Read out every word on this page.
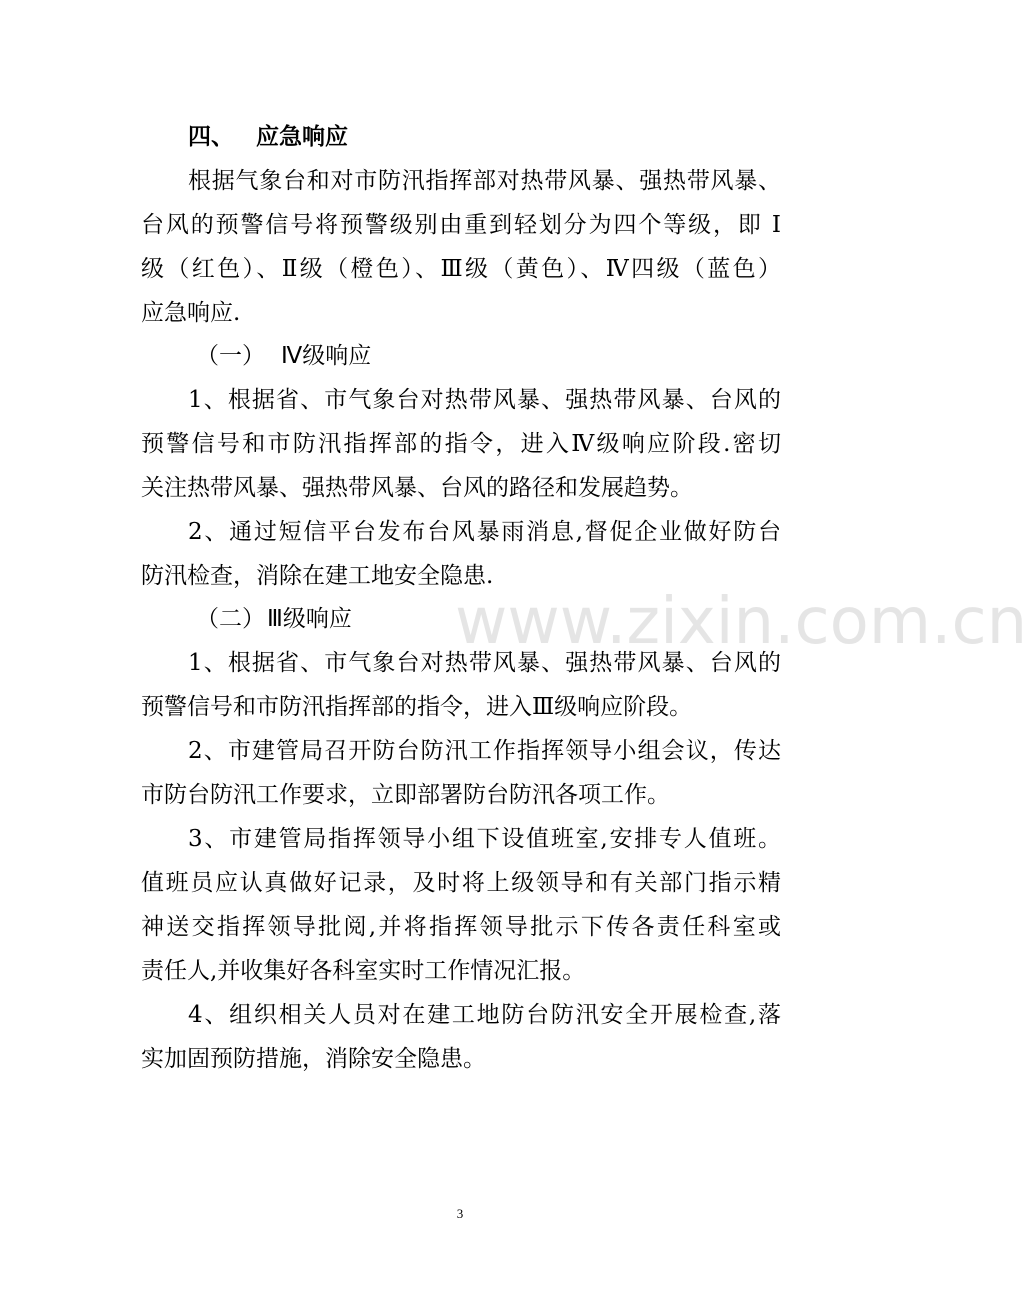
四、 应急响应
根据气象台和对市防汛指挥部对热带风暴、强热带风暴、
台风的预警信号将预警级别由重到轻划分为四个等级，即 Ⅰ
级（红色）、Ⅱ级（橙色）、Ⅲ级（黄色）、Ⅳ四级（蓝色）
应急响应.
（一） Ⅳ级响应
1、根据省、市气象台对热带风暴、强热带风暴、台风的
预警信号和市防汛指挥部的指令，进入Ⅳ级响应阶段.密切
关注热带风暴、强热带风暴、台风的路径和发展趋势。
2、通过短信平台发布台风暴雨消息,督促企业做好防台
防汛检查，消除在建工地安全隐患.
（二）Ⅲ级响应
1、根据省、市气象台对热带风暴、强热带风暴、台风的
预警信号和市防汛指挥部的指令，进入Ⅲ级响应阶段。
2、市建管局召开防台防汛工作指挥领导小组会议，传达
市防台防汛工作要求，立即部署防台防汛各项工作。
3、市建管局指挥领导小组下设值班室,安排专人值班。
值班员应认真做好记录，及时将上级领导和有关部门指示精
神送交指挥领导批阅,并将指挥领导批示下传各责任科室或
责任人,并收集好各科室实时工作情况汇报。
4、组织相关人员对在建工地防台防汛安全开展检查,落
实加固预防措施，消除安全隐患。
www.zixin.com.cn
3
